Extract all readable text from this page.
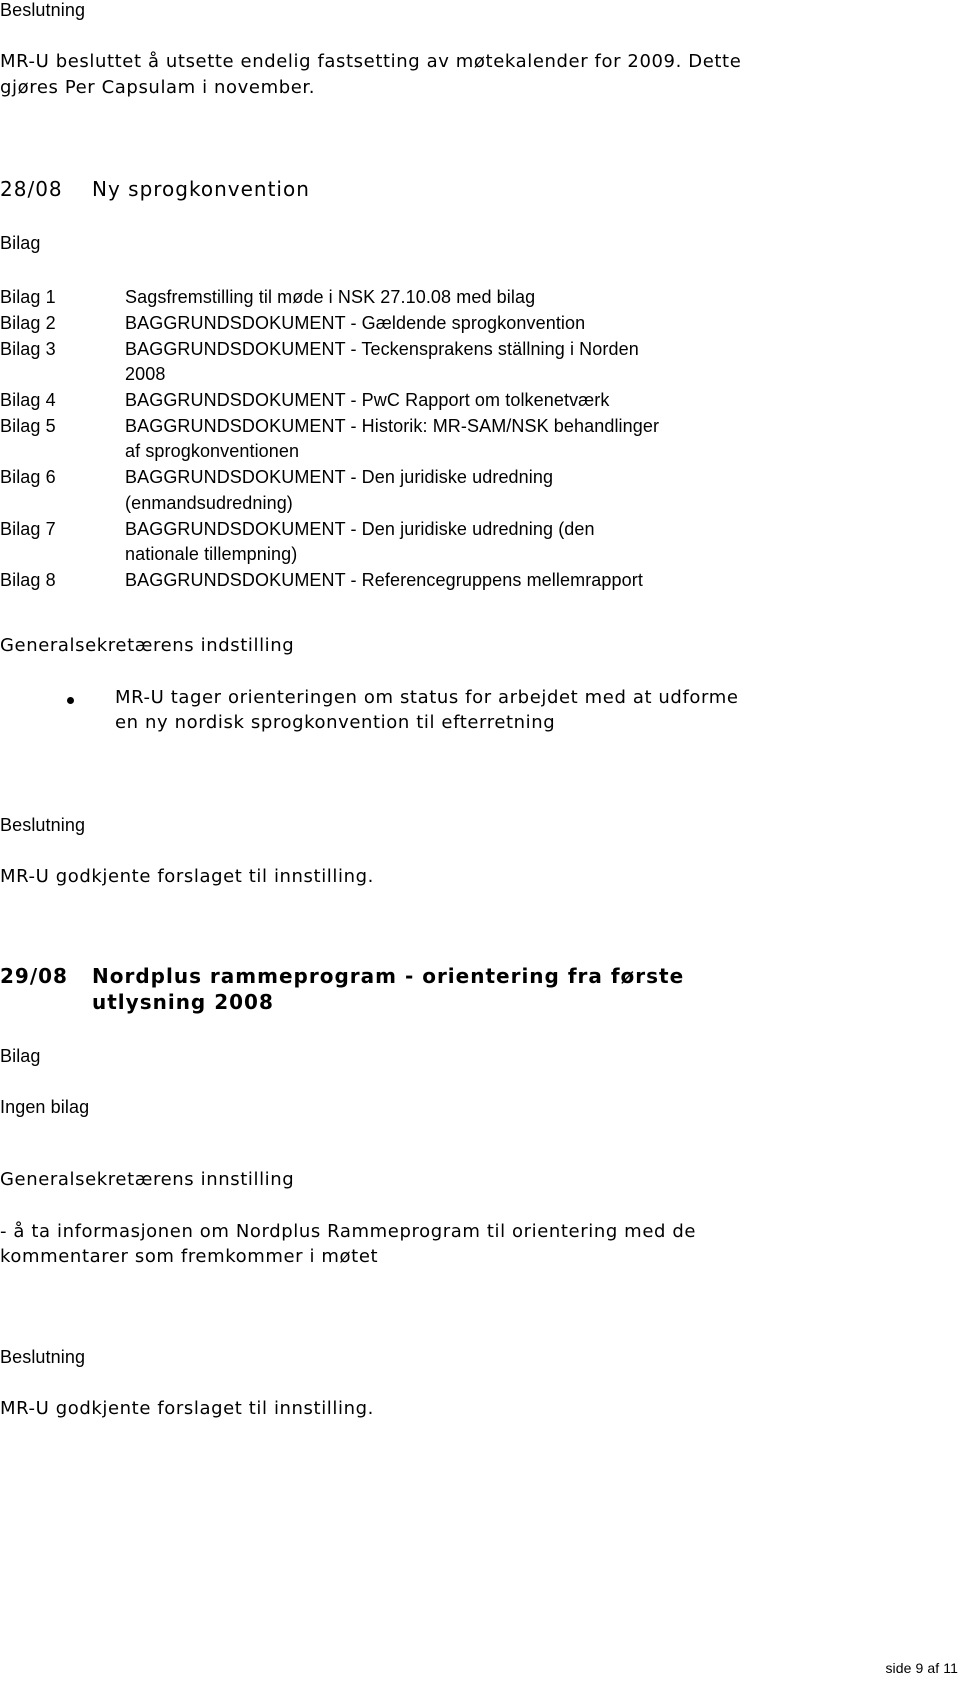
Beslutning
MR-U besluttet å utsette endelig fastsetting av møtekalender for 2009. Dette
gjøres Per Capsulam i november.
28/08 Ny sprogkonvention
Bilag
Bilag 1	Sagsfremstilling til møde i NSK 27.10.08 med bilag
Bilag 2	BAGGRUNDSDOKUMENT - Gældende sprogkonvention
Bilag 3	BAGGRUNDSDOKUMENT - Teckensprakens ställning i Norden
2008
Bilag 4	BAGGRUNDSDOKUMENT - PwC Rapport om tolkenetværk
Bilag 5	BAGGRUNDSDOKUMENT - Historik: MR-SAM/NSK behandlinger
af sprogkonventionen
Bilag 6	BAGGRUNDSDOKUMENT - Den juridiske udredning
(enmandsudredning)
Bilag 7	BAGGRUNDSDOKUMENT - Den juridiske udredning (den
nationale tillempning)
Bilag 8	BAGGRUNDSDOKUMENT - Referencegruppens mellemrapport
Generalsekretærens indstilling
MR-U tager orienteringen om status for arbejdet med at udforme
en ny nordisk sprogkonvention til efterretning
Beslutning
MR-U godkjente forslaget til innstilling.
29/08 Nordplus rammeprogram - orientering fra første
utlysning 2008
Bilag
Ingen bilag
Generalsekretærens innstilling
- å ta informasjonen om Nordplus Rammeprogram til orientering med de
kommentarer som fremkommer i møtet
Beslutning
MR-U godkjente forslaget til innstilling.
side 9 af 11
